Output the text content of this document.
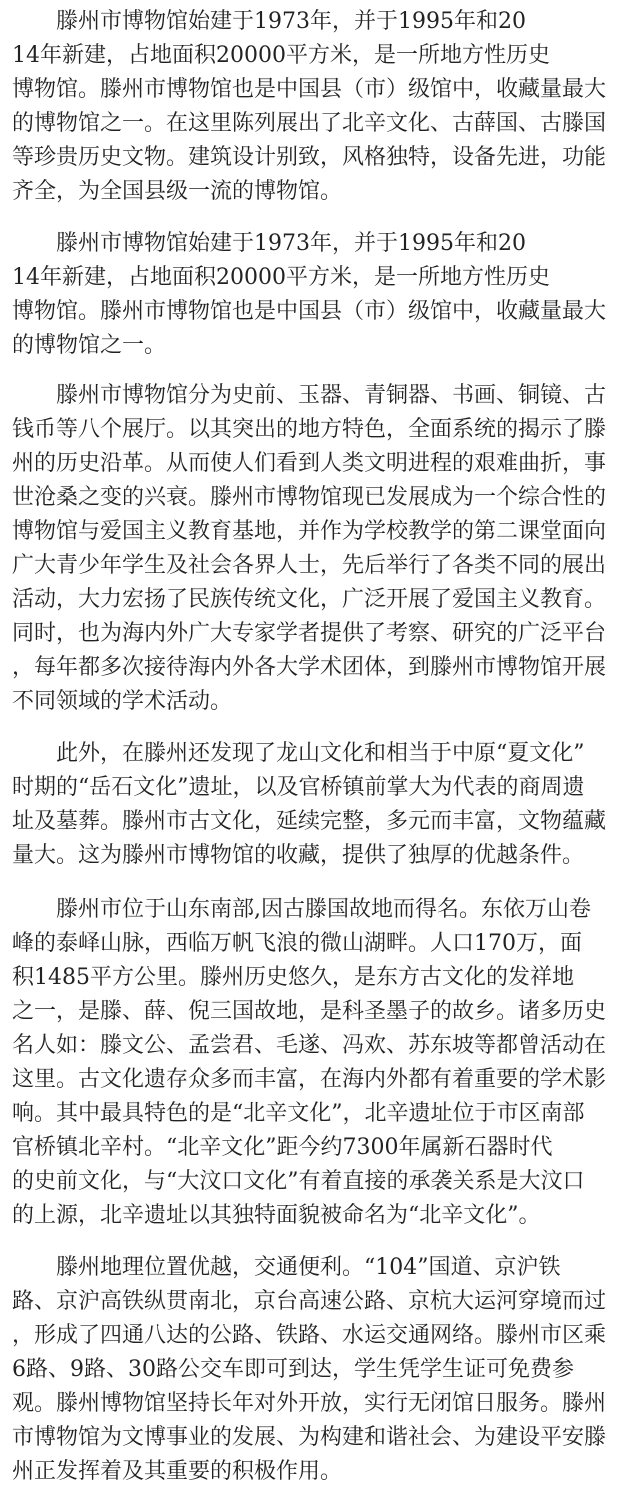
　　滕州市博物馆始建于1973年，并于1995年和20
14年新建，占地面积20000平方米，是一所地方性历史
博物馆。滕州市博物馆也是中国县（市）级馆中，收藏量最大
的博物馆之一。在这里陈列展出了北辛文化、古薛国、古滕国
等珍贵历史文物。建筑设计别致，风格独特，设备先进，功能
齐全，为全国县级一流的博物馆。
　　滕州市博物馆始建于1973年，并于1995年和20
14年新建，占地面积20000平方米，是一所地方性历史
博物馆。滕州市博物馆也是中国县（市）级馆中，收藏量最大
的博物馆之一。
　　滕州市博物馆分为史前、玉器、青铜器、书画、铜镜、古
钱币等八个展厅。以其突出的地方特色，全面系统的揭示了滕
州的历史沿革。从而使人们看到人类文明进程的艰难曲折，事
世沧桑之变的兴衰。滕州市博物馆现已发展成为一个综合性的
博物馆与爱国主义教育基地，并作为学校教学的第二课堂面向
广大青少年学生及社会各界人士，先后举行了各类不同的展出
活动，大力宏扬了民族传统文化，广泛开展了爱国主义教育。
同时，也为海内外广大专家学者提供了考察、研究的广泛平台
，每年都多次接待海内外各大学术团体，到滕州市博物馆开展
不同领域的学术活动。
　　此外，在滕州还发现了龙山文化和相当于中原“夏文化”
时期的“岳石文化”遗址，以及官桥镇前掌大为代表的商周遗
址及墓葬。滕州市古文化，延续完整，多元而丰富，文物蕴藏
量大。这为滕州市博物馆的收藏，提供了独厚的优越条件。
　　滕州市位于山东南部,因古滕国故地而得名。东依万山卷
峰的泰峄山脉，西临万帆飞浪的微山湖畔。人口170万，面
积1485平方公里。滕州历史悠久，是东方古文化的发祥地
之一，是滕、薛、倪三国故地，是科圣墨子的故乡。诸多历史
名人如：滕文公、孟尝君、毛遂、冯欢、苏东坡等都曾活动在
这里。古文化遗存众多而丰富，在海内外都有着重要的学术影
响。其中最具特色的是“北辛文化”，北辛遗址位于市区南部
官桥镇北辛村。“北辛文化”距今约7300年属新石器时代
的史前文化，与“大汶口文化”有着直接的承袭关系是大汶口
的上源，北辛遗址以其独特面貌被命名为“北辛文化”。
　　滕州地理位置优越，交通便利。“104”国道、京沪铁
路、京沪高铁纵贯南北，京台高速公路、京杭大运河穿境而过
，形成了四通八达的公路、铁路、水运交通网络。滕州市区乘
6路、9路、30路公交车即可到达，学生凭学生证可免费参
观。滕州博物馆坚持长年对外开放，实行无闭馆日服务。滕州
市博物馆为文博事业的发展、为构建和谐社会、为建设平安滕
州正发挥着及其重要的积极作用。
